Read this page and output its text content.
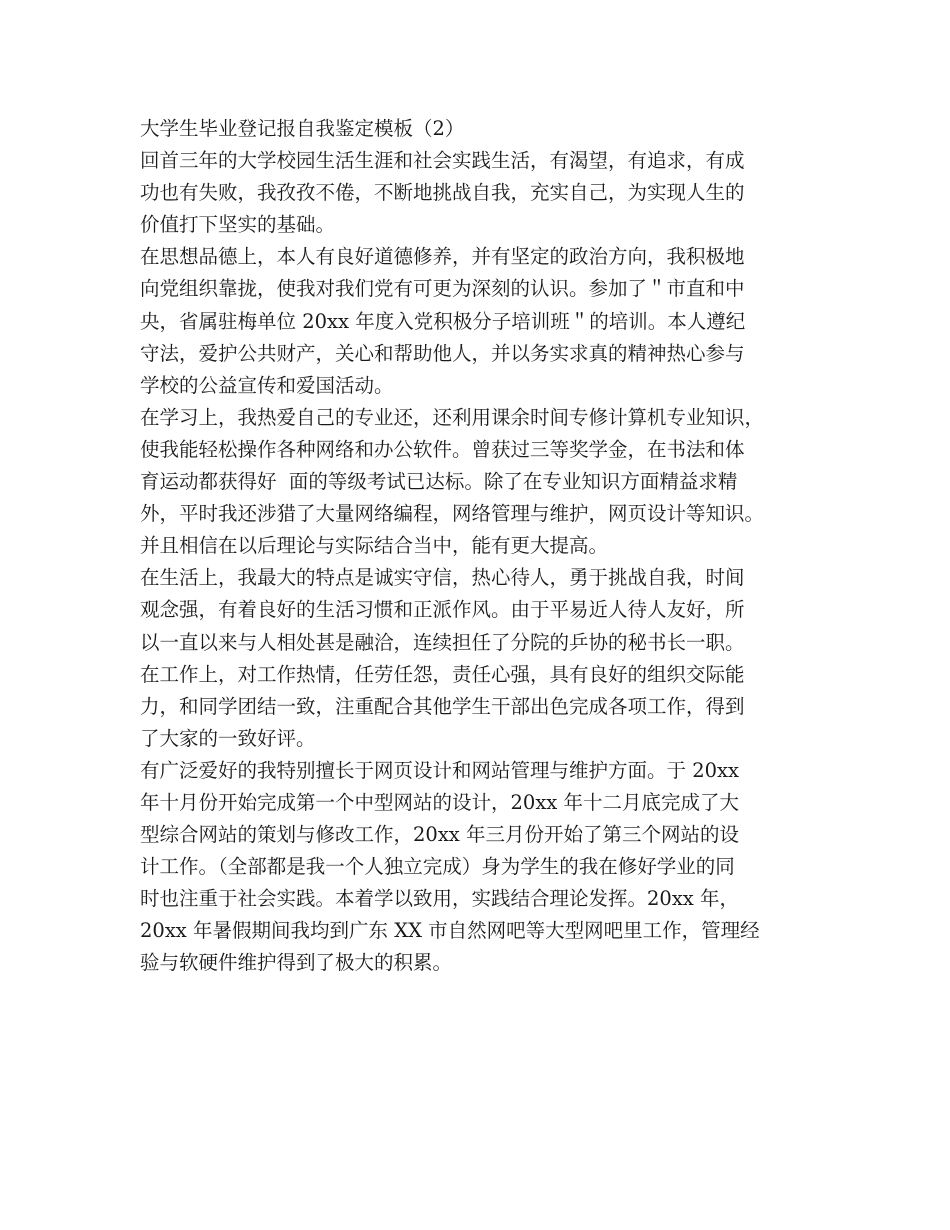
大学生毕业登记报自我鉴定模板（2）
回首三年的大学校园生活生涯和社会实践生活，有渴望，有追求，有成
功也有失败，我孜孜不倦，不断地挑战自我，充实自己，为实现人生的
价值打下坚实的基础。
在思想品德上，本人有良好道德修养，并有坚定的政治方向，我积极地
向党组织靠拢，使我对我们党有可更为深刻的认识。参加了＂市直和中
央，省属驻梅单位 20xx 年度入党积极分子培训班＂的培训。本人遵纪
守法，爱护公共财产，关心和帮助他人，并以务实求真的精神热心参与
学校的公益宣传和爱国活动。
在学习上，我热爱自己的专业还，还利用课余时间专修计算机专业知识，
使我能轻松操作各种网络和办公软件。曾获过三等奖学金，在书法和体
育运动都获得好  面的等级考试已达标。除了在专业知识方面精益求精
外，平时我还涉猎了大量网络编程，网络管理与维护，网页设计等知识。
并且相信在以后理论与实际结合当中，能有更大提高。
在生活上，我最大的特点是诚实守信，热心待人，勇于挑战自我，时间
观念强，有着良好的生活习惯和正派作风。由于平易近人待人友好，所
以一直以来与人相处甚是融洽，连续担任了分院的乒协的秘书长一职。
在工作上，对工作热情，任劳任怨，责任心强，具有良好的组织交际能
力，和同学团结一致，注重配合其他学生干部出色完成各项工作，得到
了大家的一致好评。
有广泛爱好的我特别擅长于网页设计和网站管理与维护方面。于 20xx
年十月份开始完成第一个中型网站的设计，20xx 年十二月底完成了大
型综合网站的策划与修改工作，20xx 年三月份开始了第三个网站的设
计工作。（全部都是我一个人独立完成）身为学生的我在修好学业的同
时也注重于社会实践。本着学以致用，实践结合理论发挥。20xx 年，
20xx 年暑假期间我均到广东 XX 市自然网吧等大型网吧里工作，管理经
验与软硬件维护得到了极大的积累。
